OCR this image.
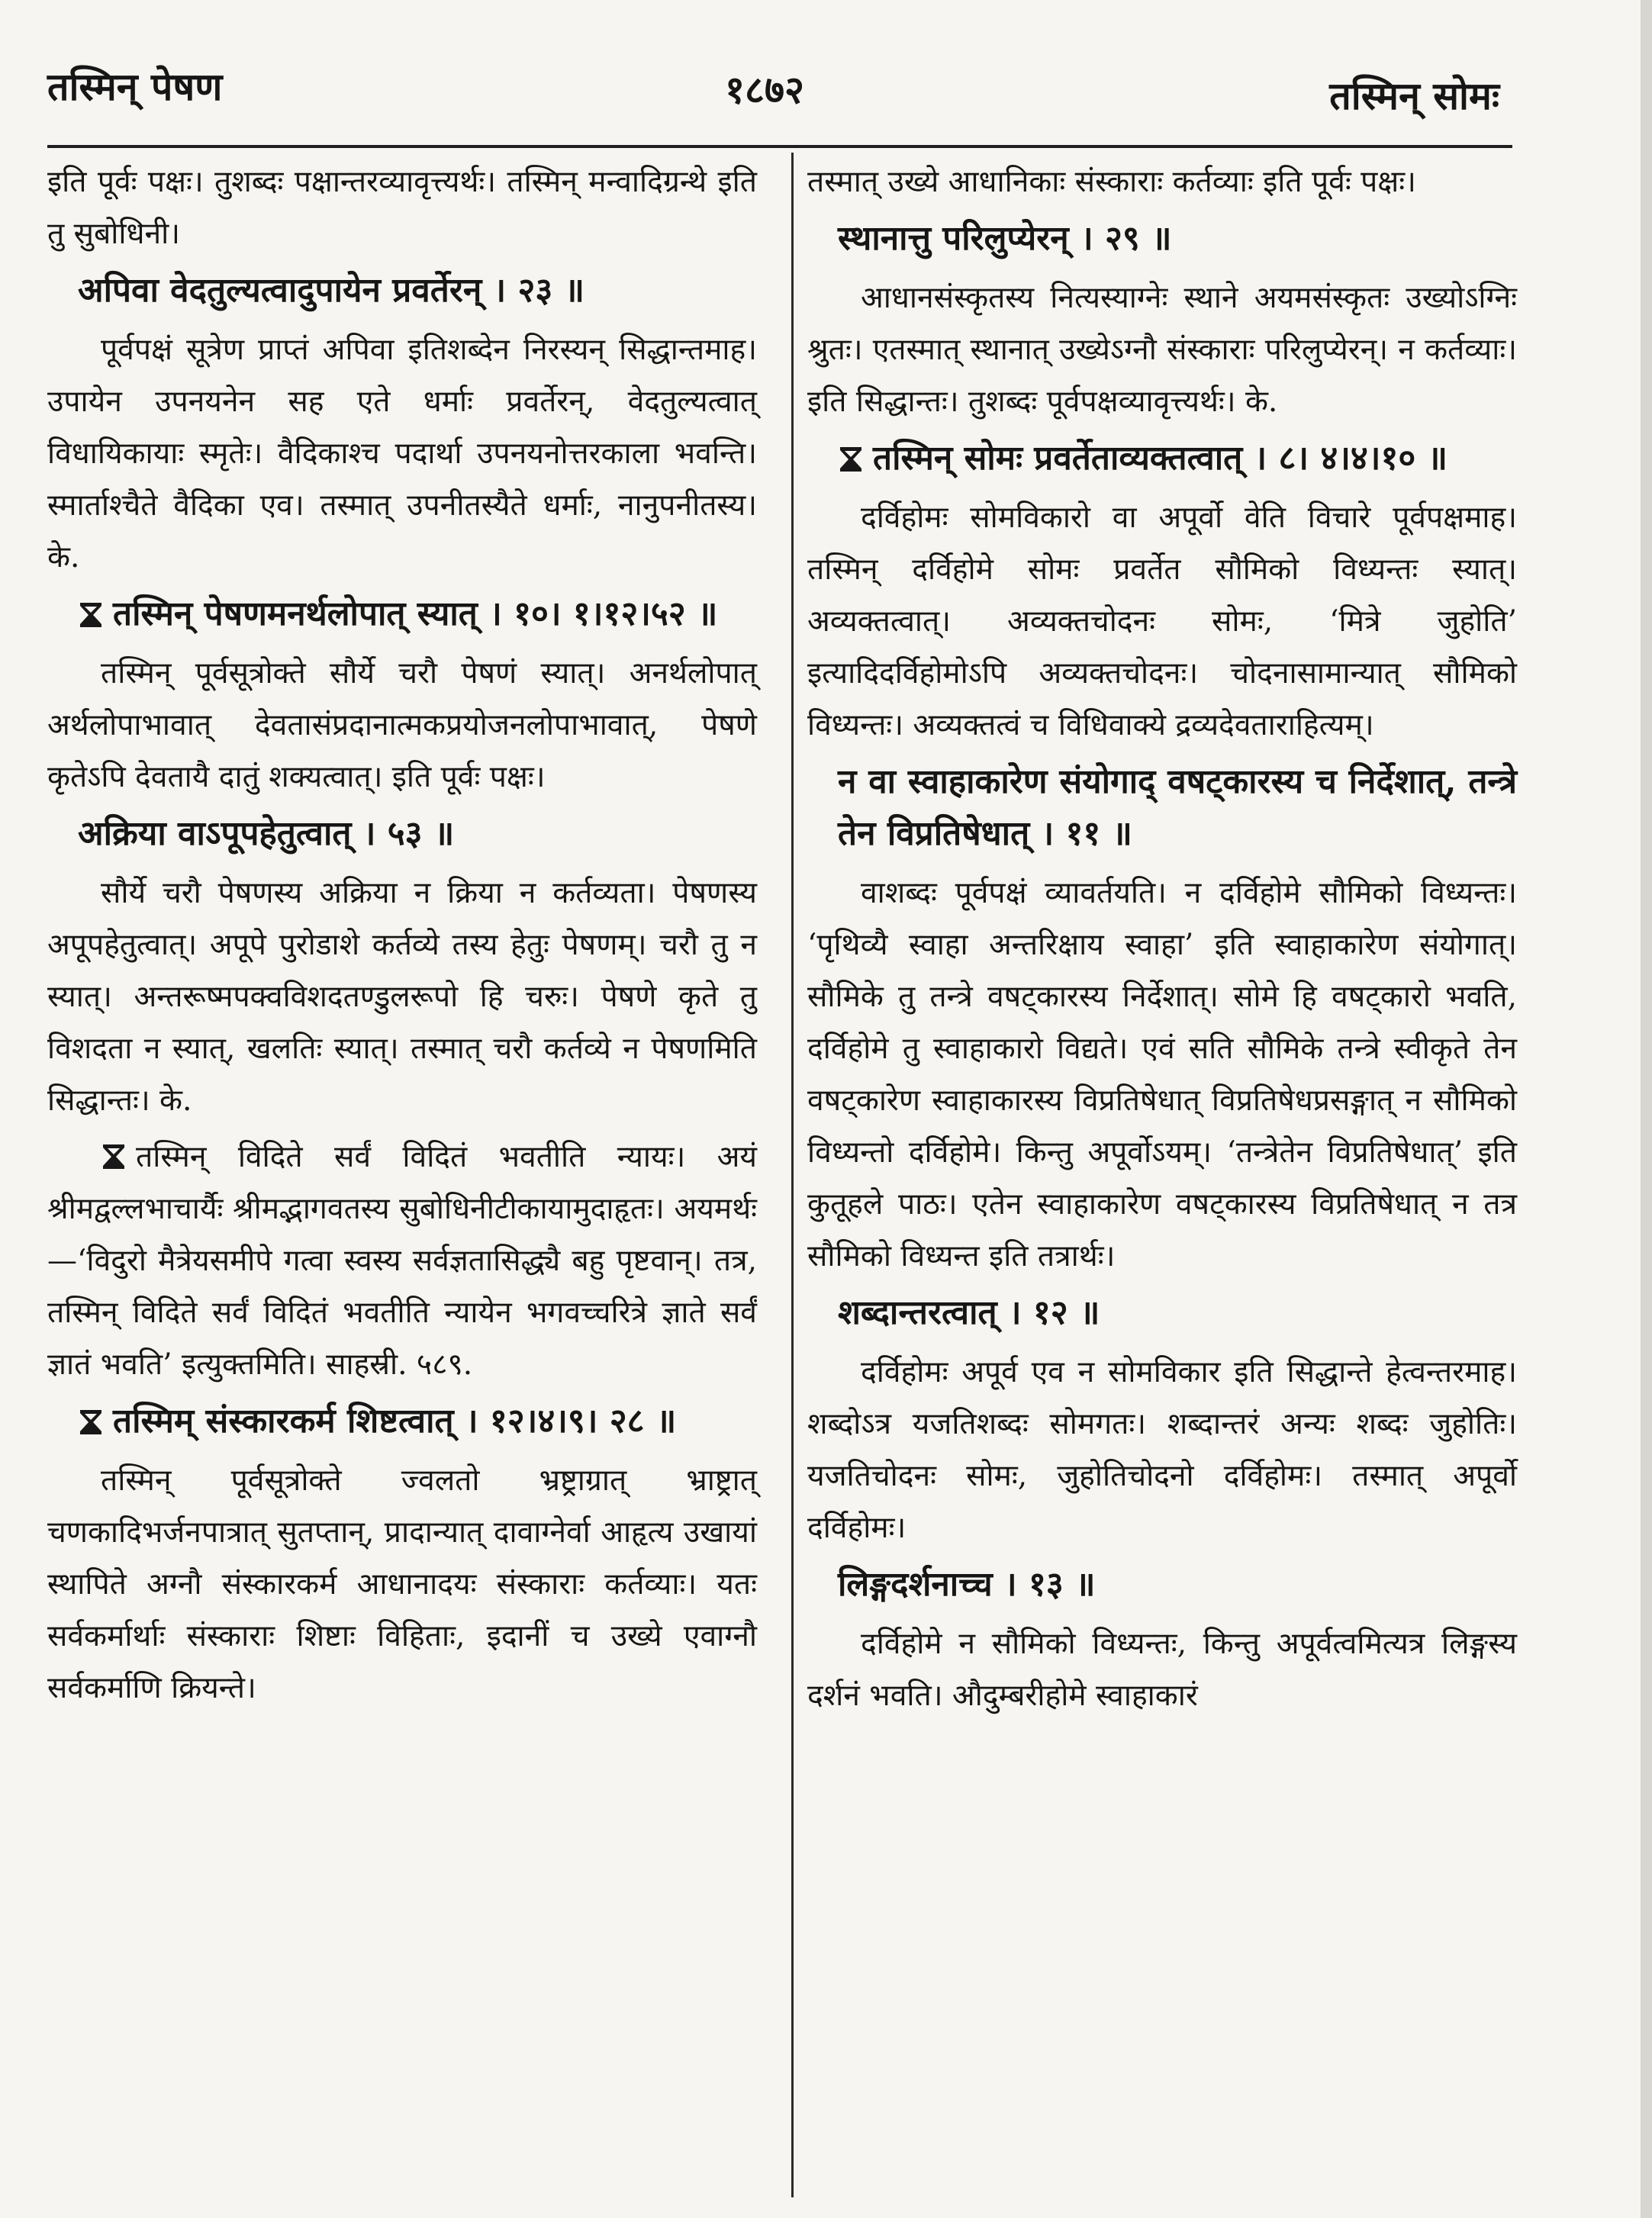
तस्मिन् पेषण	१८७२	तस्मिन् सोमः

इति पूर्वः पक्षः। तुशब्दः पक्षान्तरव्यावृत्त्यर्थः। तस्मिन् मन्वादिग्रन्थे इति तु सुबोधिनी।

अपिवा वेदतुल्यत्वादुपायेन प्रवर्तेरन् । २३ ॥

पूर्वपक्षं सूत्रेण प्राप्तं अपिवा इतिशब्देन निरस्यन् सिद्धान्तमाह। उपायेन उपनयनेन सह एते धर्माः प्रवर्तेरन्, वेदतुल्यत्वात् विधायिकायाः स्मृतेः। वैदिकाश्च पदार्था उपनयनोत्तरकाला भवन्ति। स्मार्ताश्चैते वैदिका एव। तस्मात् उपनीतस्यैते धर्माः, नानुपनीतस्य। के.

तस्मिन् पेषणमनर्थलोपात् स्यात् । १०। १।१२।५२ ॥

तस्मिन् पूर्वसूत्रोक्ते सौर्ये चरौ पेषणं स्यात्। अनर्थलोपात् अर्थलोपाभावात् देवतासंप्रदानात्मकप्रयोजनलोपाभावात्, पेषणे कृतेऽपि देवतायै दातुं शक्यत्वात्। इति पूर्वः पक्षः।

अक्रिया वाऽपूपहेतुत्वात् । ५३ ॥

सौर्ये चरौ पेषणस्य अक्रिया न क्रिया न कर्तव्यता। पेषणस्य अपूपहेतुत्वात्। अपूपे पुरोडाशे कर्तव्ये तस्य हेतुः पेषणम्। चरौ तु न स्यात्। अन्तरूष्मपक्वविशदतण्डुलरूपो हि चरुः। पेषणे कृते तु विशदता न स्यात्, खलतिः स्यात्। तस्मात् चरौ कर्तव्ये न पेषणमिति सिद्धान्तः। के.

तस्मिन् विदिते सर्वं विदितं भवतीति न्यायः। अयं श्रीमद्वल्लभाचार्यैः श्रीमद्भागवतस्य सुबोधिनीटीकायामुदाहृतः। अयमर्थः—‘विदुरो मैत्रेयसमीपे गत्वा स्वस्य सर्वज्ञतासिद्ध्यै बहु पृष्टवान्। तत्र, तस्मिन् विदिते सर्वं विदितं भवतीति न्यायेन भगवच्चरित्रे ज्ञाते सर्वं ज्ञातं भवति’ इत्युक्तमिति। साहस्री. ५८९.

तस्मिम् संस्कारकर्म शिष्टत्वात् । १२।४।९। २८ ॥

तस्मिन् पूर्वसूत्रोक्ते ज्वलतो भ्रष्ट्राग्रात् भ्राष्ट्रात् चणकादिभर्जनपात्रात् सुतप्तान्, प्रादान्यात् दावाग्नेर्वा आहृत्य उखायां स्थापिते अग्नौ संस्कारकर्म आधानादयः संस्काराः कर्तव्याः। यतः सर्वकर्मार्थाः संस्काराः शिष्टाः विहिताः, इदानीं च उख्ये एवाग्नौ सर्वकर्माणि क्रियन्ते।

तस्मात् उख्ये आधानिकाः संस्काराः कर्तव्याः इति पूर्वः पक्षः।

स्थानात्तु परिलुप्येरन् । २९ ॥

आधानसंस्कृतस्य नित्यस्याग्नेः स्थाने अयमसंस्कृतः उख्योऽग्निः श्रुतः। एतस्मात् स्थानात् उख्येऽग्नौ संस्काराः परिलुप्येरन्। न कर्तव्याः। इति सिद्धान्तः। तुशब्दः पूर्वपक्षव्यावृत्त्यर्थः। के.

तस्मिन् सोमः प्रवर्तेताव्यक्तत्वात् । ८। ४।४।१० ॥

दर्विहोमः सोमविकारो वा अपूर्वो वेति विचारे पूर्वपक्षमाह। तस्मिन् दर्विहोमे सोमः प्रवर्तेत सौमिको विध्यन्तः स्यात्। अव्यक्तत्वात्। अव्यक्तचोदनः सोमः, ‘मित्रे जुहोति’ इत्यादिदर्विहोमोऽपि अव्यक्तचोदनः। चोदनासामान्यात् सौमिको विध्यन्तः। अव्यक्तत्वं च विधिवाक्ये द्रव्यदेवताराहित्यम्।

न वा स्वाहाकारेण संयोगाद् वषट्कारस्य च निर्देशात्, तन्त्रे तेन विप्रतिषेधात् । ११ ॥

वाशब्दः पूर्वपक्षं व्यावर्तयति। न दर्विहोमे सौमिको विध्यन्तः। ‘पृथिव्यै स्वाहा अन्तरिक्षाय स्वाहा’ इति स्वाहाकारेण संयोगात्। सौमिके तु तन्त्रे वषट्कारस्य निर्देशात्। सोमे हि वषट्कारो भवति, दर्विहोमे तु स्वाहाकारो विद्यते। एवं सति सौमिके तन्त्रे स्वीकृते तेन वषट्कारेण स्वाहाकारस्य विप्रतिषेधात् विप्रतिषेधप्रसङ्गात् न सौमिको विध्यन्तो दर्विहोमे। किन्तु अपूर्वोऽयम्। ‘तन्त्रेतेन विप्रतिषेधात्’ इति कुतूहले पाठः। एतेन स्वाहाकारेण वषट्कारस्य विप्रतिषेधात् न तत्र सौमिको विध्यन्त इति तत्रार्थः।

शब्दान्तरत्वात् । १२ ॥

दर्विहोमः अपूर्व एव न सोमविकार इति सिद्धान्ते हेत्वन्तरमाह। शब्दोऽत्र यजतिशब्दः सोमगतः। शब्दान्तरं अन्यः शब्दः जुहोतिः। यजतिचोदनः सोमः, जुहोतिचोदनो दर्विहोमः। तस्मात् अपूर्वो दर्विहोमः।

लिङ्गदर्शनाच्च । १३ ॥

दर्विहोमे न सौमिको विध्यन्तः, किन्तु अपूर्वत्वमित्यत्र लिङ्गस्य दर्शनं भवति। औदुम्बरीहोमे स्वाहाकारं
